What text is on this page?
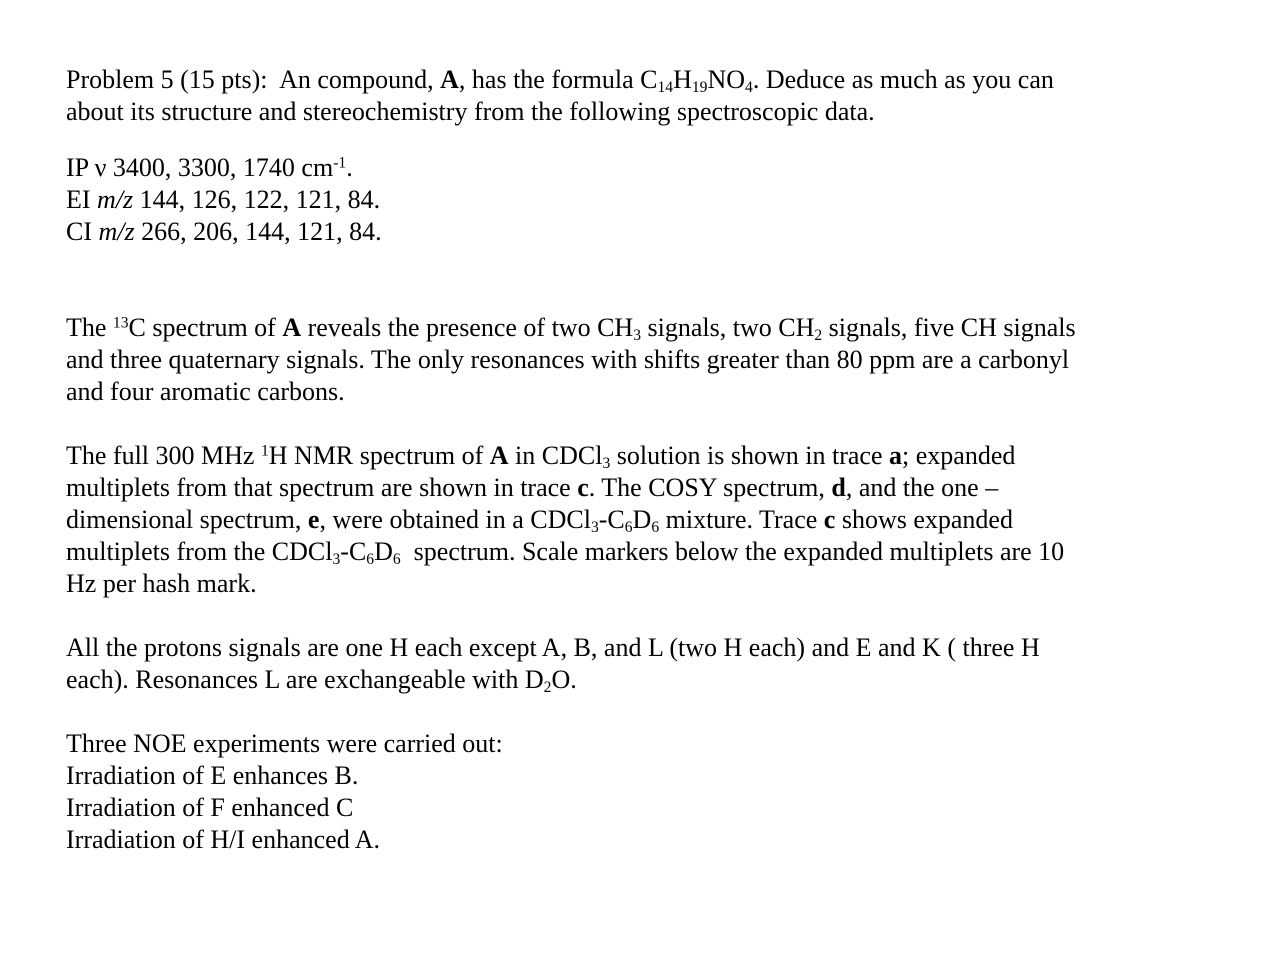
Problem 5 (15 pts): An compound, A, has the formula $C_{14}H_{19}NO_4$. Deduce as much as you can
about its structure and stereochemistry from the following spectroscopic data.

IP ν 3400, 3300, 1740 $cm^{-1}$.
EI m/z 144, 126, 122, 121, 84.
CI m/z 266, 206, 144, 121, 84.

The $^{13}$C spectrum of A reveals the presence of two $CH_3$ signals, two $CH_2$ signals, five CH signals
and three quaternary signals. The only resonances with shifts greater than 80 ppm are a carbonyl
and four aromatic carbons.

The full 300 MHz $^1$H NMR spectrum of A in CDCl$_3$ solution is shown in trace a; expanded
multiplets from that spectrum are shown in trace c. The COSY spectrum, d, and the one –
dimensional spectrum, e, were obtained in a $CDCl_3-C_6D_6$ mixture. Trace c shows expanded
multiplets from the $CDCl_3-C_6D_6$ spectrum. Scale markers below the expanded multiplets are 10
Hz per hash mark.

All the protons signals are one H each except A, B, and L (two H each) and E and K ( three H
each). Resonances L are exchangeable with $D_2O$.

Three NOE experiments were carried out:
Irradiation of E enhances B.
Irradiation of F enhanced C
Irradiation of H/I enhanced A.
